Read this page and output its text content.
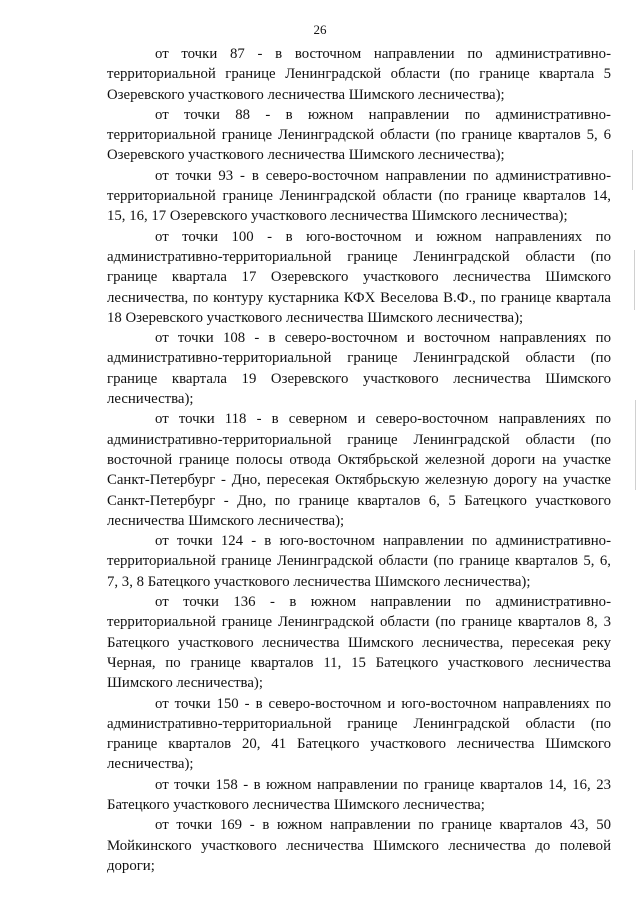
26

от точки 87 - в восточном направлении по административно-территориальной границе Ленинградской области (по границе квартала 5 Озеревского участкового лесничества Шимского лесничества);

от точки 88 - в южном направлении по административно-территориальной границе Ленинградской области (по границе кварталов 5, 6 Озеревского участкового лесничества Шимского лесничества);

от точки 93 - в северо-восточном направлении по административно-территориальной границе Ленинградской области (по границе кварталов 14, 15, 16, 17 Озеревского участкового лесничества Шимского лесничества);

от точки 100 - в юго-восточном и южном направлениях по административно-территориальной границе Ленинградской области (по границе квартала 17 Озеревского участкового лесничества Шимского лесничества, по контуру кустарника КФХ Веселова В.Ф., по границе квартала 18 Озеревского участкового лесничества Шимского лесничества);

от точки 108 - в северо-восточном и восточном направлениях по административно-территориальной границе Ленинградской области (по границе квартала 19 Озеревского участкового лесничества Шимского лесничества);

от точки 118 - в северном и северо-восточном направлениях по административно-территориальной границе Ленинградской области (по восточной границе полосы отвода Октябрьской железной дороги на участке Санкт-Петербург - Дно, пересекая Октябрьскую железную дорогу на участке Санкт-Петербург - Дно, по границе кварталов 6, 5 Батецкого участкового лесничества Шимского лесничества);

от точки 124 - в юго-восточном направлении по административно-территориальной границе Ленинградской области (по границе кварталов 5, 6, 7, 3, 8 Батецкого участкового лесничества Шимского лесничества);

от точки 136 - в южном направлении по административно-территориальной границе Ленинградской области (по границе кварталов 8, 3 Батецкого участкового лесничества Шимского лесничества, пересекая реку Черная, по границе кварталов 11, 15 Батецкого участкового лесничества Шимского лесничества);

от точки 150 - в северо-восточном и юго-восточном направлениях по административно-территориальной границе Ленинградской области (по границе кварталов 20, 41 Батецкого участкового лесничества Шимского лесничества);

от точки 158 - в южном направлении по границе кварталов 14, 16, 23 Батецкого участкового лесничества Шимского лесничества;

от точки 169 - в южном направлении по границе кварталов 43, 50 Мойкинского участкового лесничества Шимского лесничества до полевой дороги;
